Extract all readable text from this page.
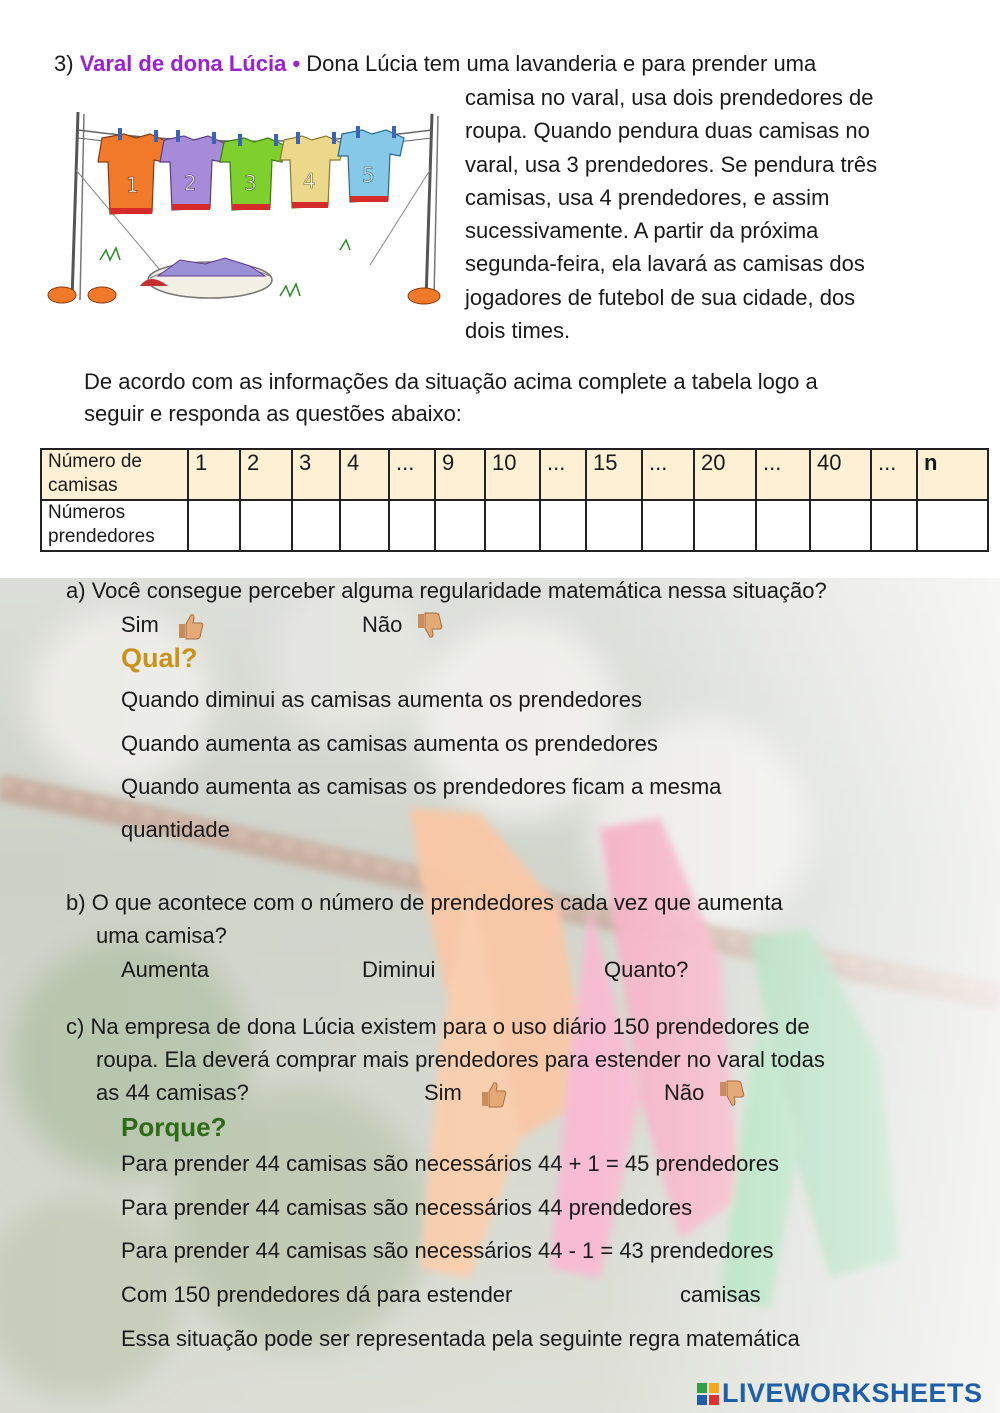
3) Varal de dona Lúcia • Dona Lúcia tem uma lavanderia e para prender uma
1 2 3 4 5
camisa no varal, usa dois prendedores de
roupa. Quando pendura duas camisas no
varal, usa 3 prendedores. Se pendura três
camisas, usa 4 prendedores, e assim
sucessivamente. A partir da próxima
segunda-feira, ela lavará as camisas dos
jogadores de futebol de sua cidade, dos
dois times.
De acordo com as informações da situação acima complete a tabela logo a
seguir e responda as questões abaixo:
Número de camisas	1	2	3	4	...	9	10	...	15	...	20	...	40	...	n
Números prendedores															
a) Você consegue perceber alguma regularidade matemática nessa situação?
Sim	Não
Qual?
Quando diminui as camisas aumenta os prendedores
Quando aumenta as camisas aumenta os prendedores
Quando aumenta as camisas os prendedores ficam a mesma
quantidade
b) O que acontece com o número de prendedores cada vez que aumenta
uma camisa?
Aumenta	Diminui	Quanto?
c) Na empresa de dona Lúcia existem para o uso diário 150 prendedores de
roupa. Ela deverá comprar mais prendedores para estender no varal todas
as 44 camisas?	Sim	Não
Porque?
Para prender 44 camisas são necessários 44 + 1 = 45 prendedores
Para prender 44 camisas são necessários 44 prendedores
Para prender 44 camisas são necessários 44 - 1 = 43 prendedores
Com 150 prendedores dá para estender	camisas
Essa situação pode ser representada pela seguinte regra matemática
LIVEWORKSHEETS
